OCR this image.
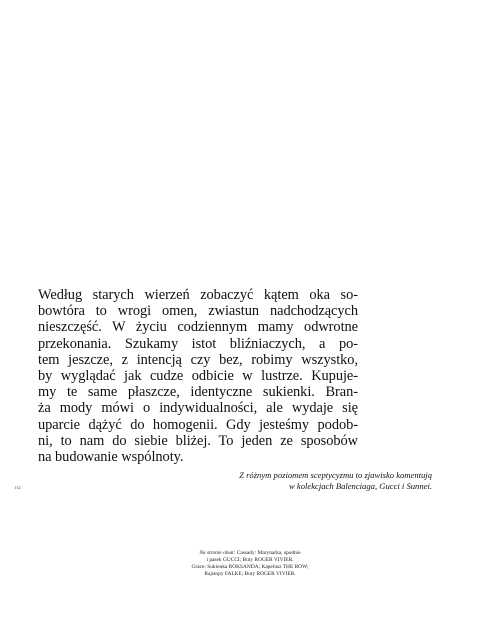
Według starych wierzeń zobaczyć kątem oka so-
bowtóra to wrogi omen, zwiastun nadchodzących
nieszczęść. W życiu codziennym mamy odwrotne
przekonania. Szukamy istot bliźniaczych, a po-
tem jeszcze, z intencją czy bez, robimy wszystko,
by wyglądać jak cudze odbicie w lustrze. Kupuje-
my te same płaszcze, identyczne sukienki. Bran-
ża mody mówi o indywidualności, ale wydaje się
uparcie dążyć do homogenii. Gdy jesteśmy podob-
ni, to nam do siebie bliżej. To jeden ze sposobów
na budowanie wspólnoty.
Z różnym poziomem sceptycyzmu to zjawisko komentują
w kolekcjach Balenciaga, Gucci i Sunnei.
112
Na stronie obok: Cassady: Marynarka, spodnie
i pasek GUCCI; Buty ROGER VIVIER.
Grace: Sukienka ROKSANDA; Kapelusz THE ROW;
Rajstopy FALKE; Buty ROGER VIVIER.
